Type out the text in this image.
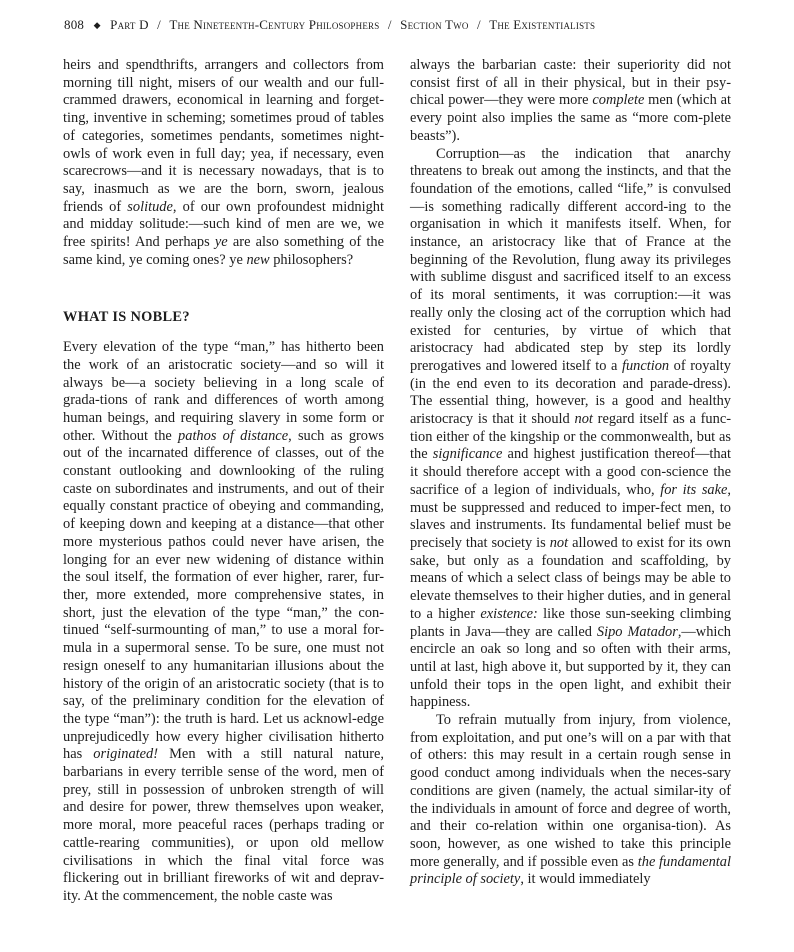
808 ◆ Part D / The Nineteenth-Century Philosophers / Section Two / The Existentialists

heirs and spendthrifts, arrangers and collectors from morning till night, misers of our wealth and our full-crammed drawers, economical in learning and forget-ting, inventive in scheming; sometimes proud of tables of categories, sometimes pendants, sometimes night-owls of work even in full day; yea, if necessary, even scarecrows—and it is necessary nowadays, that is to say, inasmuch as we are the born, sworn, jealous friends of solitude, of our own profoundest midnight and midday solitude:—such kind of men are we, we free spirits! And perhaps ye are also something of the same kind, ye coming ones? ye new philosophers?

WHAT IS NOBLE?

Every elevation of the type “man,” has hitherto been the work of an aristocratic society—and so will it always be—a society believing in a long scale of grada-tions of rank and differences of worth among human beings, and requiring slavery in some form or other. Without the pathos of distance, such as grows out of the incarnated difference of classes, out of the constant outlooking and downlooking of the ruling caste on subordinates and instruments, and out of their equally constant practice of obeying and commanding, of keeping down and keeping at a distance—that other more mysterious pathos could never have arisen, the longing for an ever new widening of distance within the soul itself, the formation of ever higher, rarer, fur-ther, more extended, more comprehensive states, in short, just the elevation of the type “man,” the con-tinued “self-surmounting of man,” to use a moral for-mula in a supermoral sense. To be sure, one must not resign oneself to any humanitarian illusions about the history of the origin of an aristocratic society (that is to say, of the preliminary condition for the elevation of the type “man”): the truth is hard. Let us acknowl-edge unprejudicedly how every higher civilisation hitherto has originated! Men with a still natural nature, barbarians in every terrible sense of the word, men of prey, still in possession of unbroken strength of will and desire for power, threw themselves upon weaker, more moral, more peaceful races (perhaps trading or cattle-rearing communities), or upon old mellow civilisations in which the final vital force was flickering out in brilliant fireworks of wit and deprav-ity. At the commencement, the noble caste was

always the barbarian caste: their superiority did not consist first of all in their physical, but in their psy-chical power—they were more complete men (which at every point also implies the same as “more com-plete beasts”).

Corruption—as the indication that anarchy threatens to break out among the instincts, and that the foundation of the emotions, called “life,” is convulsed—is something radically different accord-ing to the organisation in which it manifests itself. When, for instance, an aristocracy like that of France at the beginning of the Revolution, flung away its privileges with sublime disgust and sacrificed itself to an excess of its moral sentiments, it was corruption:—it was really only the closing act of the corruption which had existed for centuries, by virtue of which that aristocracy had abdicated step by step its lordly prerogatives and lowered itself to a function of royalty (in the end even to its decoration and parade-dress). The essential thing, however, is a good and healthy aristocracy is that it should not regard itself as a func-tion either of the kingship or the commonwealth, but as the significance and highest justification thereof—that it should therefore accept with a good con-science the sacrifice of a legion of individuals, who, for its sake, must be suppressed and reduced to imper-fect men, to slaves and instruments. Its fundamental belief must be precisely that society is not allowed to exist for its own sake, but only as a foundation and scaffolding, by means of which a select class of beings may be able to elevate themselves to their higher duties, and in general to a higher existence: like those sun-seeking climbing plants in Java—they are called Sipo Matador,—which encircle an oak so long and so often with their arms, until at last, high above it, but supported by it, they can unfold their tops in the open light, and exhibit their happiness.

To refrain mutually from injury, from violence, from exploitation, and put one’s will on a par with that of others: this may result in a certain rough sense in good conduct among individuals when the neces-sary conditions are given (namely, the actual similar-ity of the individuals in amount of force and degree of worth, and their co-relation within one organisa-tion). As soon, however, as one wished to take this principle more generally, and if possible even as the fundamental principle of society, it would immediately
